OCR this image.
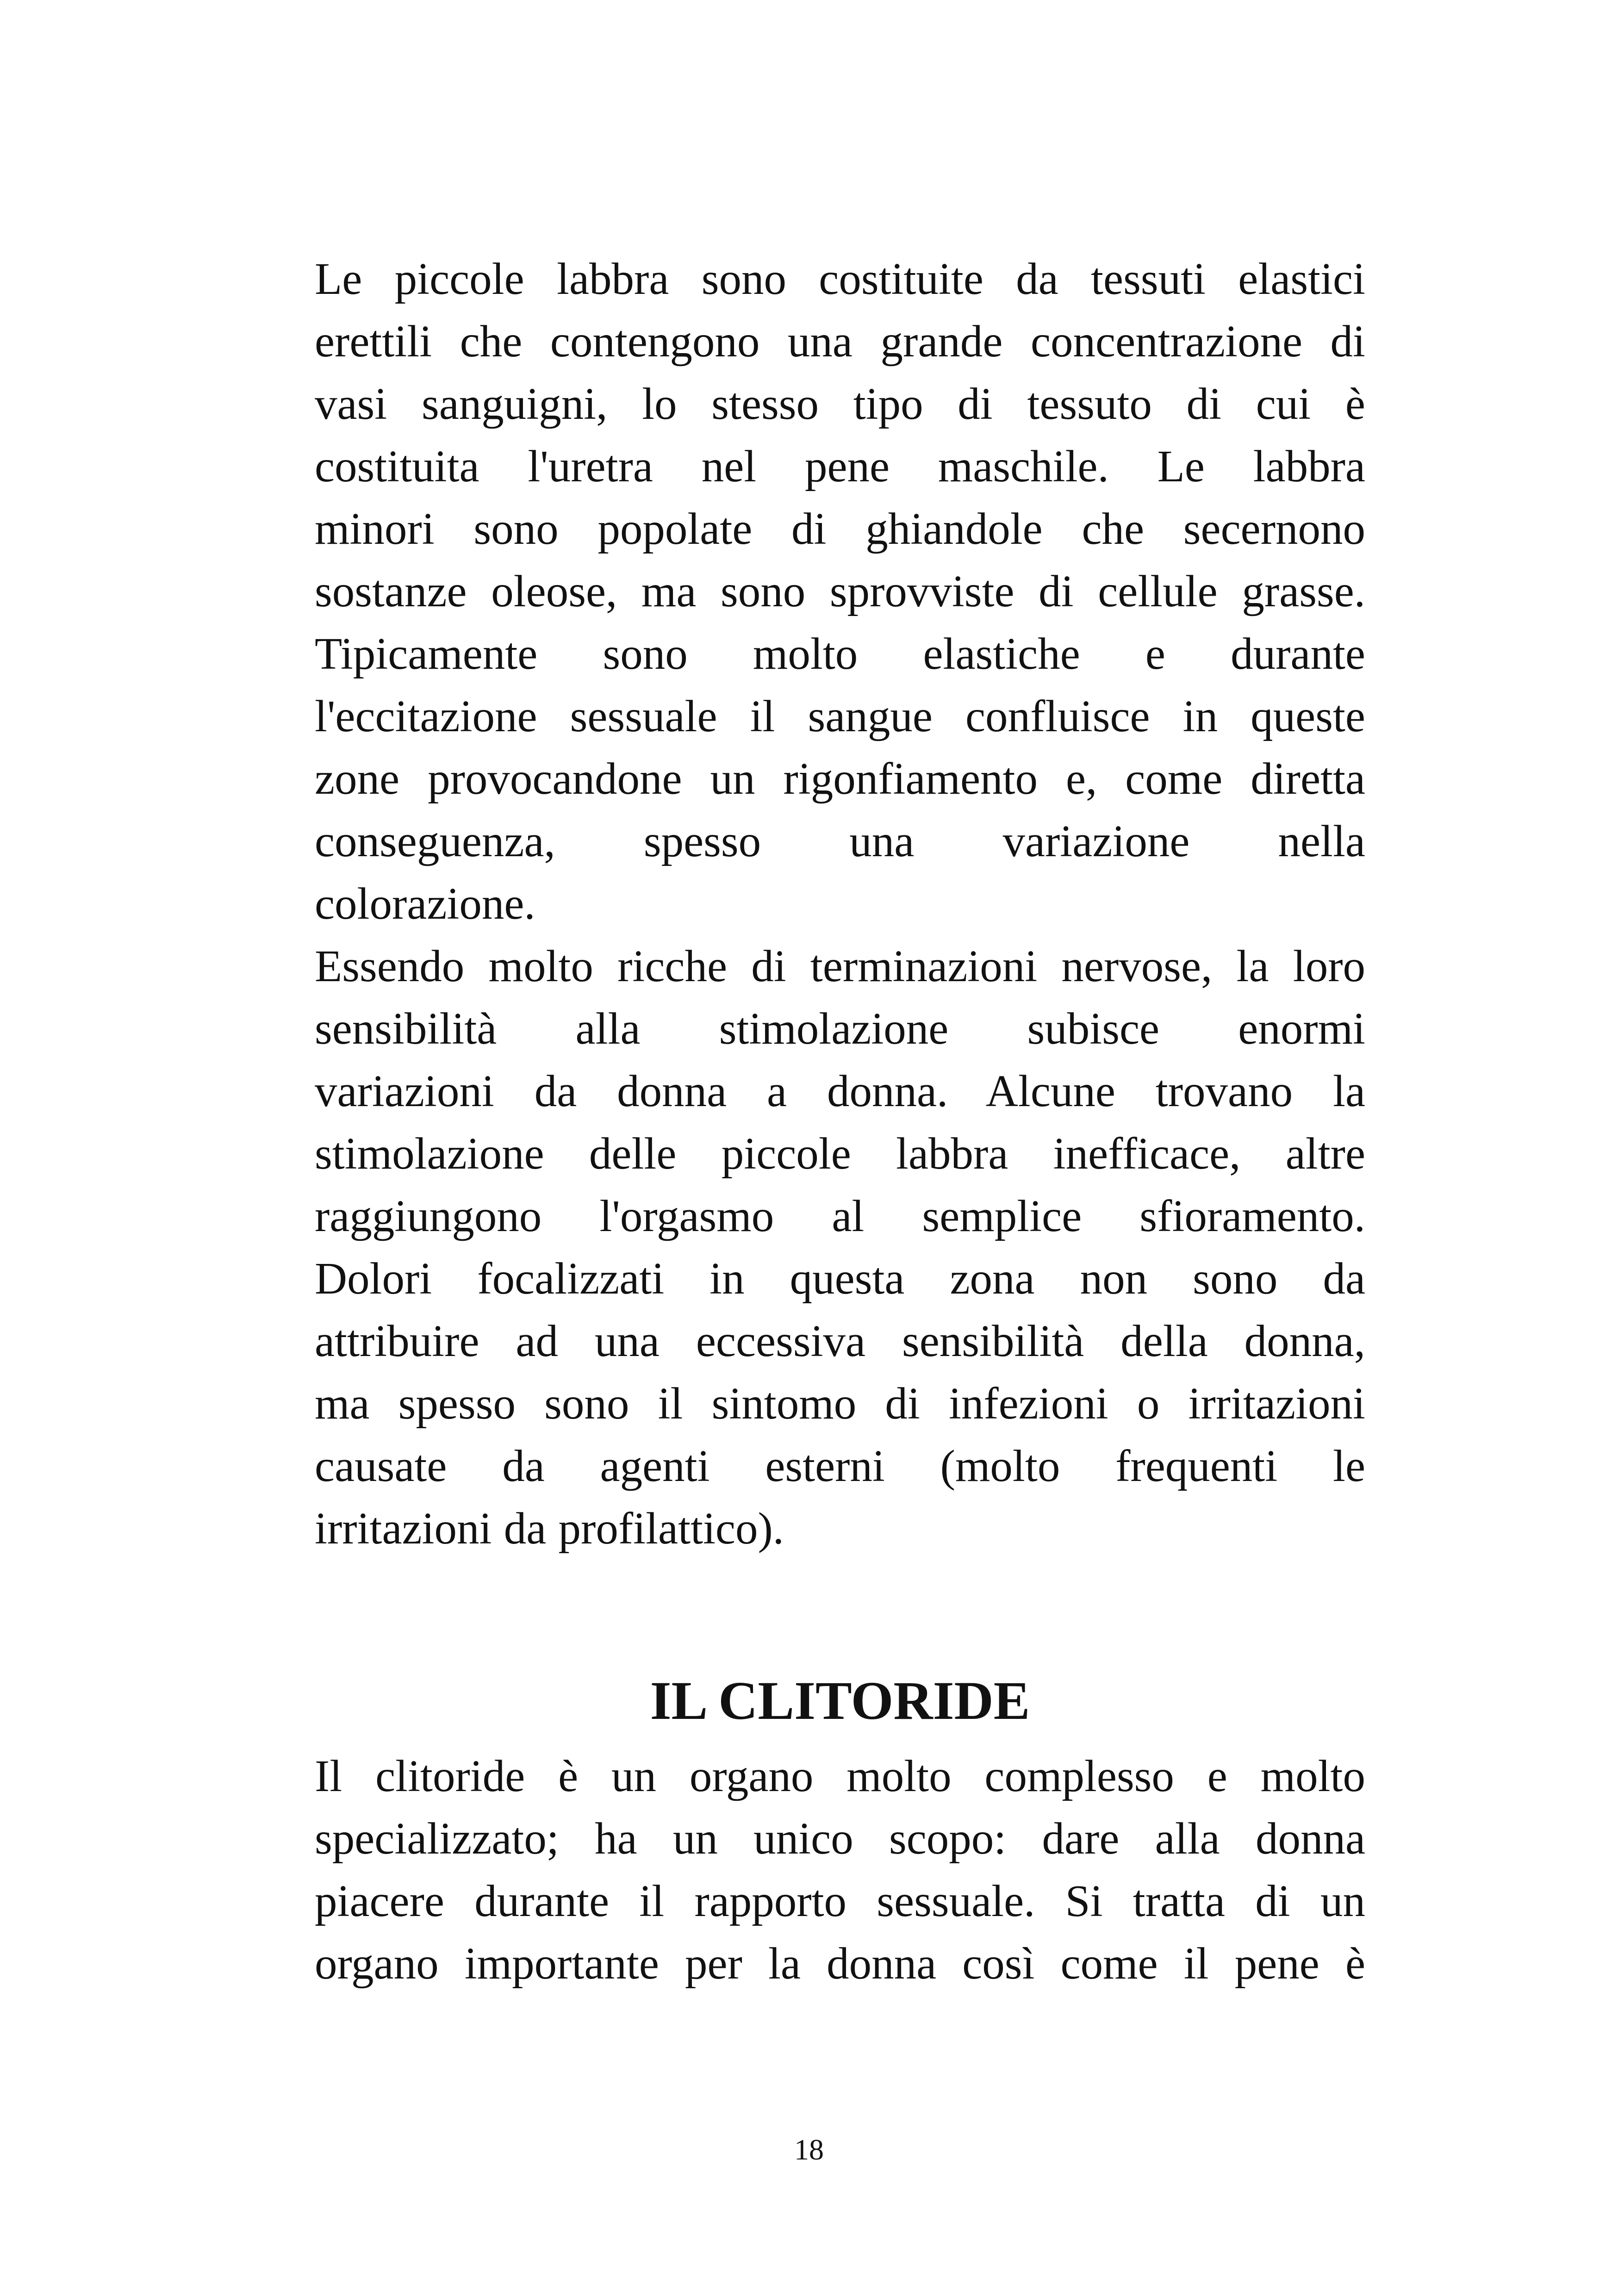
Le piccole labbra sono costituite da tessuti elastici
erettili che contengono una grande concentrazione di
vasi sanguigni, lo stesso tipo di tessuto di cui è
costituita l'uretra nel pene maschile. Le labbra
minori sono popolate di ghiandole che secernono
sostanze oleose, ma sono sprovviste di cellule grasse.
Tipicamente sono molto elastiche e durante
l'eccitazione sessuale il sangue confluisce in queste
zone provocandone un rigonfiamento e, come diretta
conseguenza, spesso una variazione nella
colorazione.

Essendo molto ricche di terminazioni nervose, la loro
sensibilità alla stimolazione subisce enormi
variazioni da donna a donna. Alcune trovano la
stimolazione delle piccole labbra inefficace, altre
raggiungono l'orgasmo al semplice sfioramento.
Dolori focalizzati in questa zona non sono da
attribuire ad una eccessiva sensibilità della donna,
ma spesso sono il sintomo di infezioni o irritazioni
causate da agenti esterni (molto frequenti le
irritazioni da profilattico).

IL CLITORIDE

Il clitoride è un organo molto complesso e molto
specializzato; ha un unico scopo: dare alla donna
piacere durante il rapporto sessuale. Si tratta di un
organo importante per la donna così come il pene è

18
